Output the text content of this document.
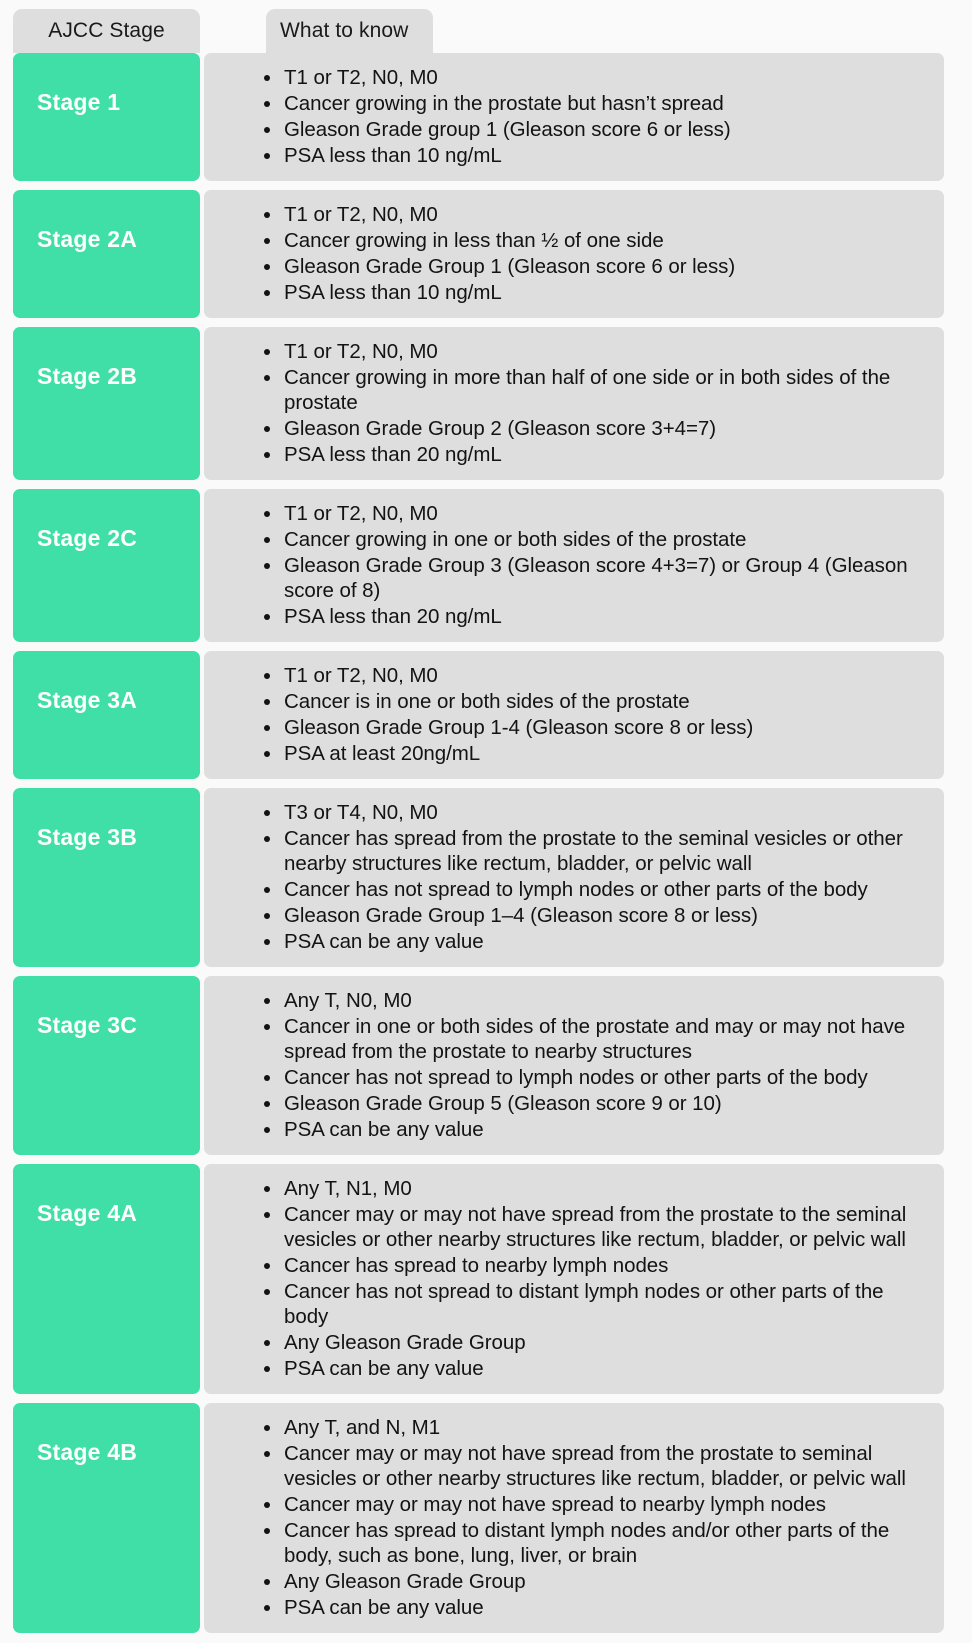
AJCC Stage	What to know
Stage 1
T1 or T2, N0, M0
Cancer growing in the prostate but hasn’t spread
Gleason Grade group 1 (Gleason score 6 or less)
PSA less than 10 ng/mL
Stage 2A
T1 or T2, N0, M0
Cancer growing in less than ½ of one side
Gleason Grade Group 1 (Gleason score 6 or less)
PSA less than 10 ng/mL
Stage 2B
T1 or T2, N0, M0
Cancer growing in more than half of one side or in both sides of the prostate
Gleason Grade Group 2 (Gleason score 3+4=7)
PSA less than 20 ng/mL
Stage 2C
T1 or T2, N0, M0
Cancer growing in one or both sides of the prostate
Gleason Grade Group 3 (Gleason score 4+3=7) or Group 4 (Gleason score of 8)
PSA less than 20 ng/mL
Stage 3A
T1 or T2, N0, M0
Cancer is in one or both sides of the prostate
Gleason Grade Group 1-4 (Gleason score 8 or less)
PSA at least 20ng/mL
Stage 3B
T3 or T4, N0, M0
Cancer has spread from the prostate to the seminal vesicles or other nearby structures like rectum, bladder, or pelvic wall
Cancer has not spread to lymph nodes or other parts of the body
Gleason Grade Group 1–4 (Gleason score 8 or less)
PSA can be any value
Stage 3C
Any T, N0, M0
Cancer in one or both sides of the prostate and may or may not have spread from the prostate to nearby structures
Cancer has not spread to lymph nodes or other parts of the body
Gleason Grade Group 5 (Gleason score 9 or 10)
PSA can be any value
Stage 4A
Any T, N1, M0
Cancer may or may not have spread from the prostate to the seminal vesicles or other nearby structures like rectum, bladder, or pelvic wall
Cancer has spread to nearby lymph nodes
Cancer has not spread to distant lymph nodes or other parts of the body
Any Gleason Grade Group
PSA can be any value
Stage 4B
Any T, and N, M1
Cancer may or may not have spread from the prostate to seminal vesicles or other nearby structures like rectum, bladder, or pelvic wall
Cancer may or may not have spread to nearby lymph nodes
Cancer has spread to distant lymph nodes and/or other parts of the body, such as bone, lung, liver, or brain
Any Gleason Grade Group
PSA can be any value
